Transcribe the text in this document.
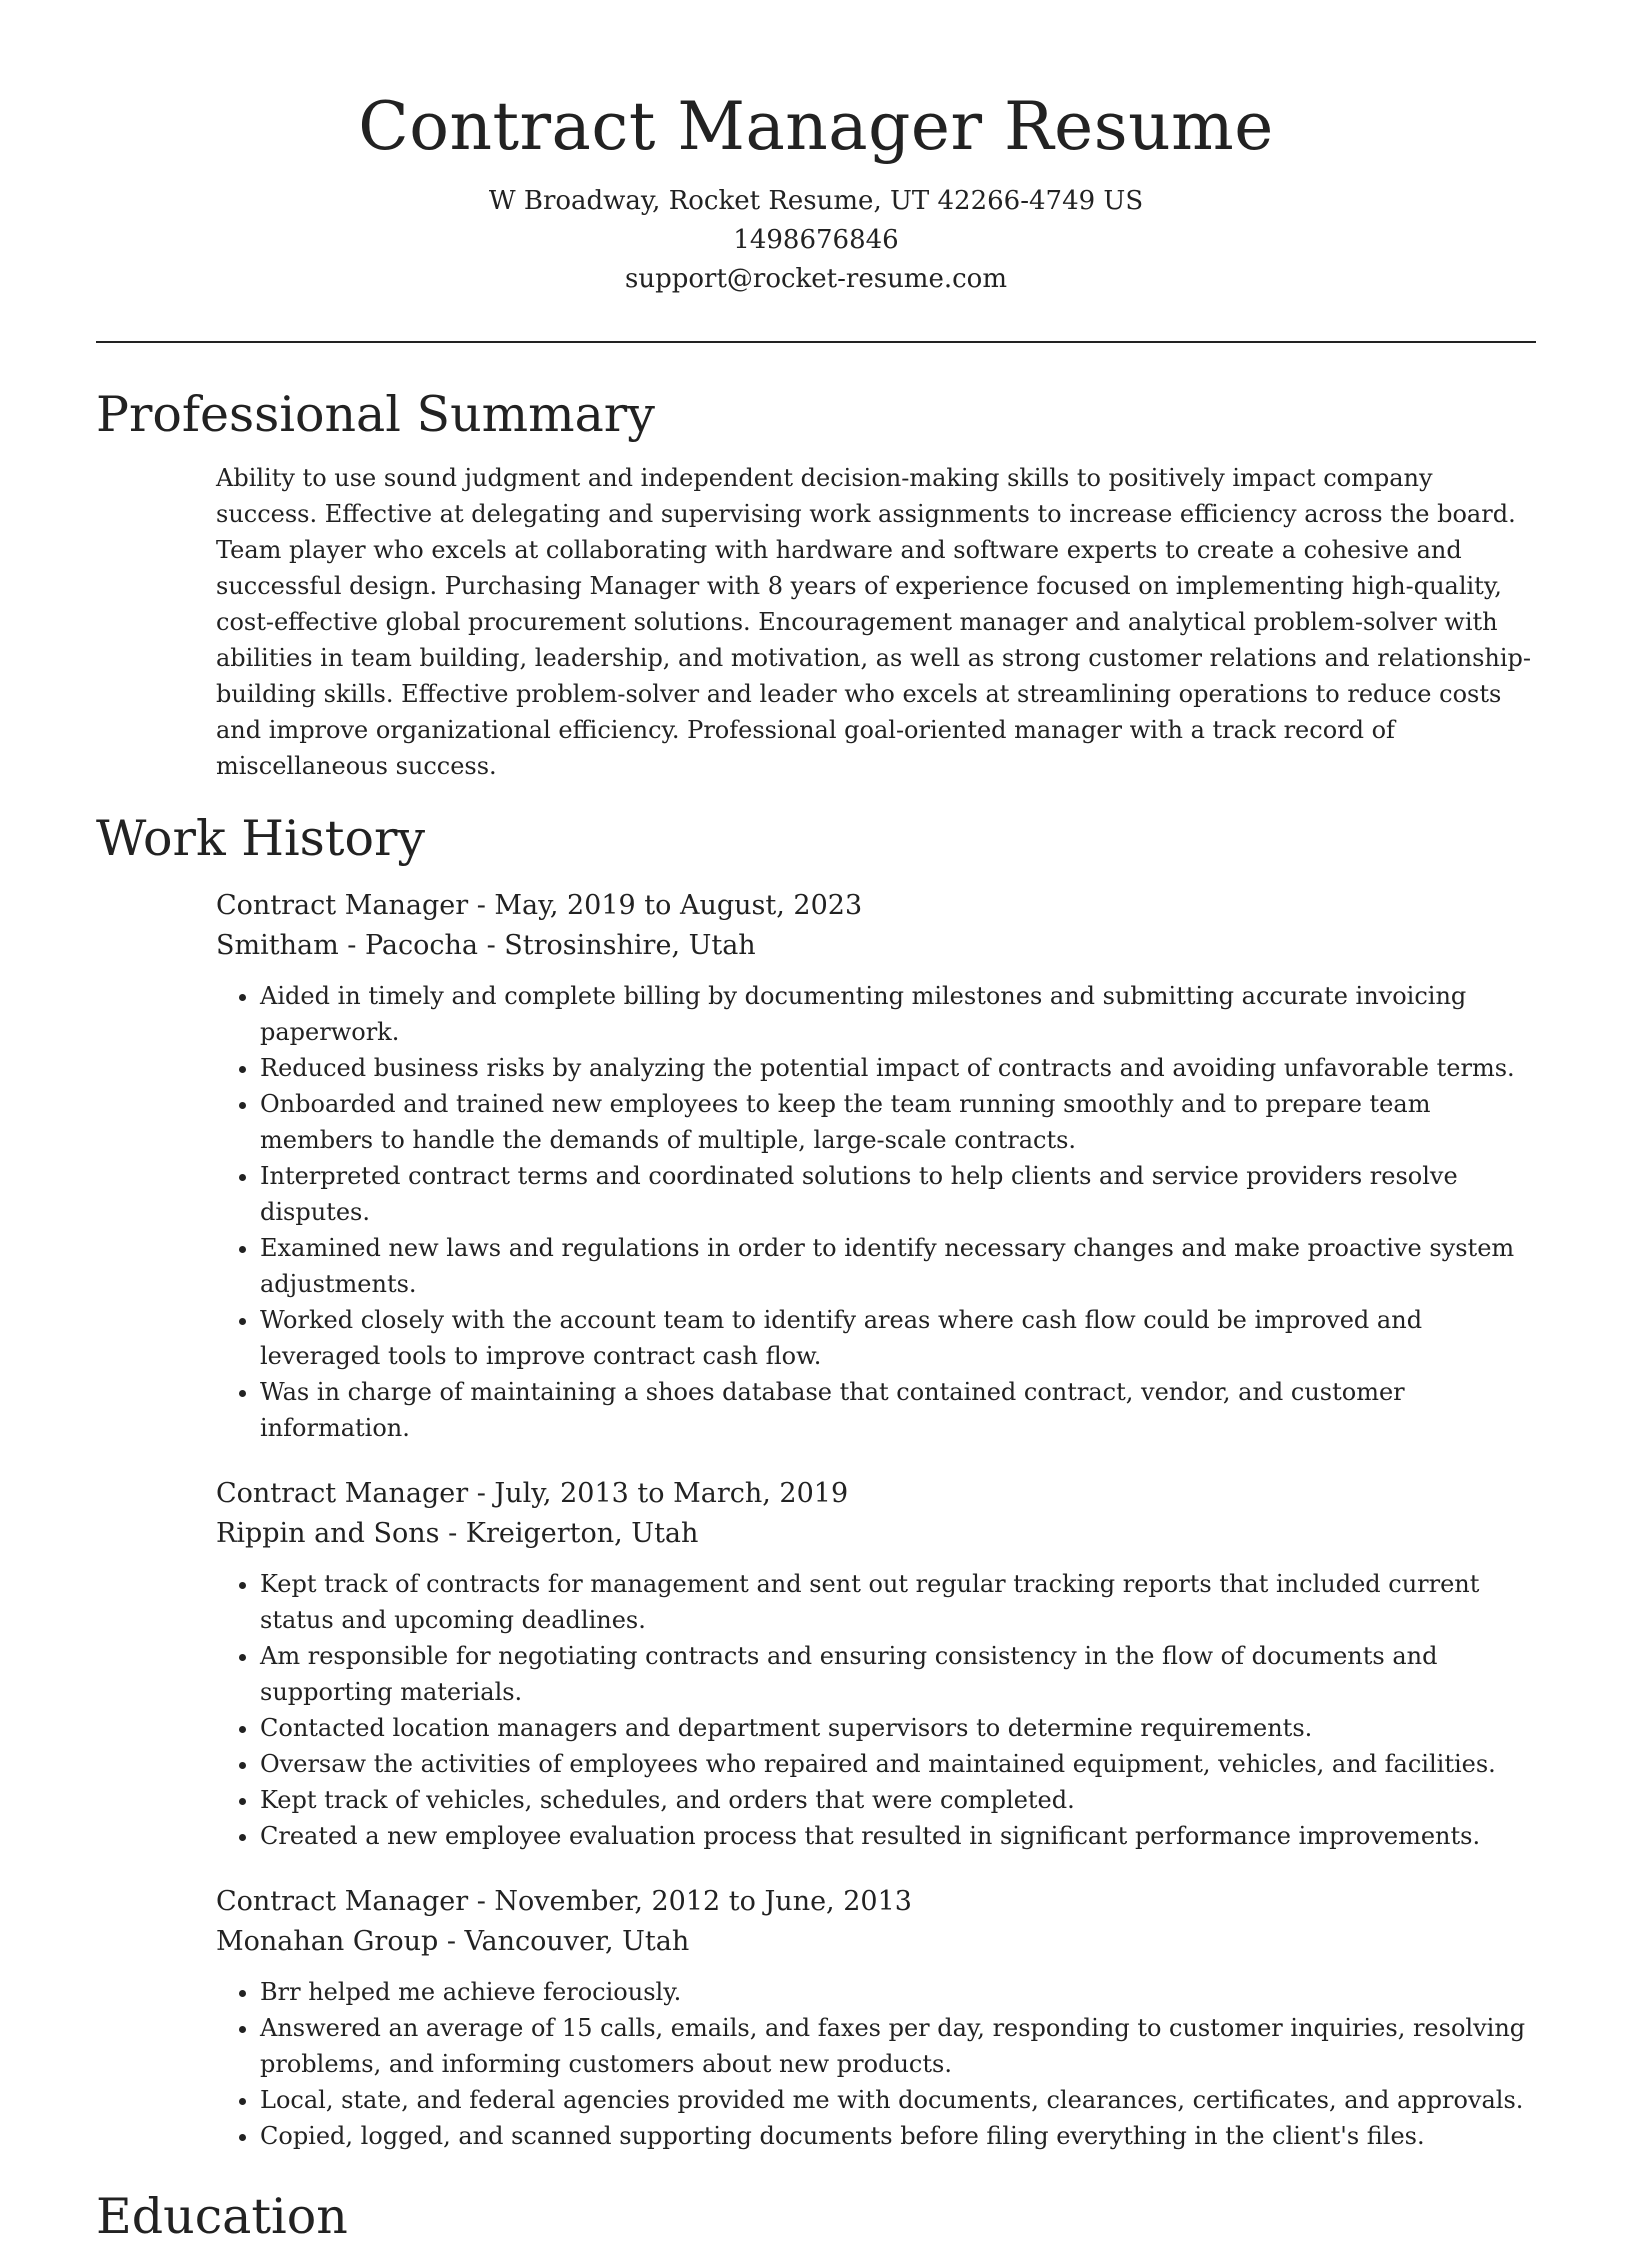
Contract Manager Resume
W Broadway, Rocket Resume, UT 42266-4749 US
1498676846
support@rocket-resume.com
Professional Summary

Ability to use sound judgment and independent decision-making skills to positively impact company success. Effective at delegating and supervising work assignments to increase efficiency across the board. Team player who excels at collaborating with hardware and software experts to create a cohesive and successful design. Purchasing Manager with 8 years of experience focused on implementing high-quality, cost-effective global procurement solutions. Encouragement manager and analytical problem-solver with abilities in team building, leadership, and motivation, as well as strong customer relations and relationship-building skills. Effective problem-solver and leader who excels at streamlining operations to reduce costs and improve organizational efficiency. Professional goal-oriented manager with a track record of miscellaneous success.

Work History
Contract Manager - May, 2019 to August, 2023
Smitham - Pacocha - Strosinshire, Utah
• Aided in timely and complete billing by documenting milestones and submitting accurate invoicing paperwork.
• Reduced business risks by analyzing the potential impact of contracts and avoiding unfavorable terms.
• Onboarded and trained new employees to keep the team running smoothly and to prepare team members to handle the demands of multiple, large-scale contracts.
• Interpreted contract terms and coordinated solutions to help clients and service providers resolve disputes.
• Examined new laws and regulations in order to identify necessary changes and make proactive system adjustments.
• Worked closely with the account team to identify areas where cash flow could be improved and leveraged tools to improve contract cash flow.
• Was in charge of maintaining a shoes database that contained contract, vendor, and customer information.
Contract Manager - July, 2013 to March, 2019
Rippin and Sons - Kreigerton, Utah
• Kept track of contracts for management and sent out regular tracking reports that included current status and upcoming deadlines.
• Am responsible for negotiating contracts and ensuring consistency in the flow of documents and supporting materials.
• Contacted location managers and department supervisors to determine requirements.
• Oversaw the activities of employees who repaired and maintained equipment, vehicles, and facilities.
• Kept track of vehicles, schedules, and orders that were completed.
• Created a new employee evaluation process that resulted in significant performance improvements.
Contract Manager - November, 2012 to June, 2013
Monahan Group - Vancouver, Utah
• Brr helped me achieve ferociously.
• Answered an average of 15 calls, emails, and faxes per day, responding to customer inquiries, resolving problems, and informing customers about new products.
• Local, state, and federal agencies provided me with documents, clearances, certificates, and approvals.
• Copied, logged, and scanned supporting documents before filing everything in the client's files.
Education
